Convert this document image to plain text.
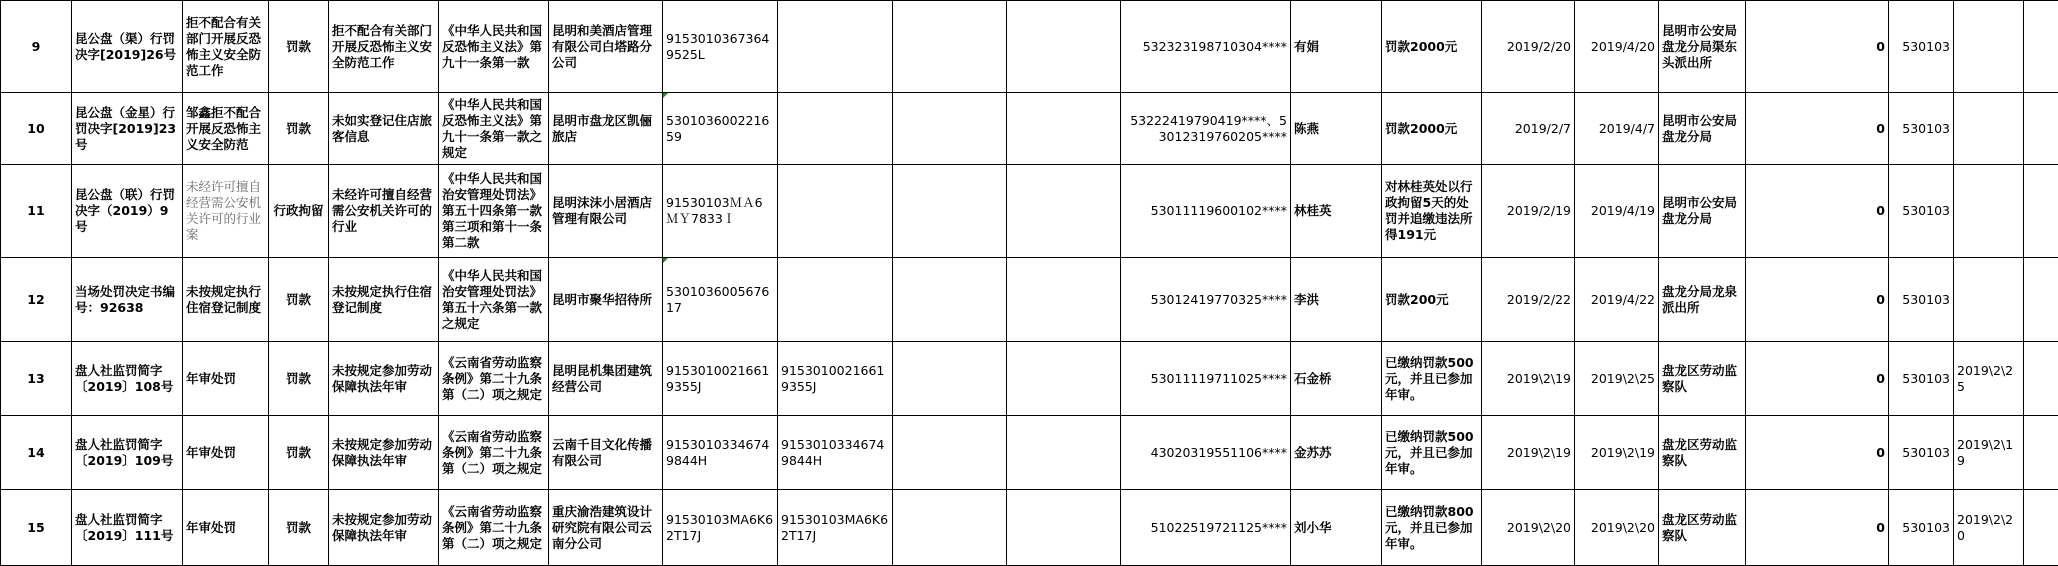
9	昆公盘（渠）行罚决字[2019]26号	拒不配合有关部门开展反恐怖主义安全防范工作	罚款	拒不配合有关部门开展反恐怖主义安全防范工作	《中华人民共和国反恐怖主义法》第九十一条第一款	昆明和美酒店管理有限公司白塔路分公司	91530103673649525L				532323198710304****	有娟	罚款2000元	2019/2/20	2019/4/20	昆明市公安局盘龙分局渠东头派出所	0	530103		
10	昆公盘（金星）行罚决字[2019]23号	邹鑫拒不配合开展反恐怖主义安全防范	罚款	未如实登记住店旅客信息	《中华人民共和国反恐怖主义法》第九十一条第一款之规定	昆明市盘龙区凯俪旅店	530103600221659				53222419790419****、53012319760205****	陈燕	罚款2000元	2019/2/7	2019/4/7	昆明市公安局盘龙分局	0	530103		
11	昆公盘（联）行罚决字（2019）9号	未经许可擅自经营需公安机关许可的行业案	行政拘留	未经许可擅自经营需公安机关许可的行业	《中华人民共和国治安管理处罚法》第五十四条第一款第三项和第十一条第二款	昆明沫沫小居酒店管理有限公司	91530103ＭＡ6ＭＹ7833Ｉ				53011119600102****	林桂英	对林桂英处以行政拘留5天的处罚并追缴违法所得191元	2019/2/19	2019/4/19	昆明市公安局盘龙分局	0	530103		
12	当场处罚决定书编号：92638	未按规定执行住宿登记制度	罚款	未按规定执行住宿登记制度	《中华人民共和国治安管理处罚法》第五十六条第一款之规定	昆明市聚华招待所	530103600567617				53012419770325****	李洪	罚款200元	2019/2/22	2019/4/22	盘龙分局龙泉派出所	0	530103		
13	盘人社监罚简字〔2019〕108号	年审处罚	罚款	未按规定参加劳动保障执法年审	《云南省劳动监察条例》第二十九条第（二）项之规定	昆明昆机集团建筑经营公司	91530100216619355J	91530100216619355J			53011119711025****	石金桥	已缴纳罚款500元，并且已参加年审。	2019\2\19	2019\2\25	盘龙区劳动监察队	0	530103	2019\2\25	
14	盘人社监罚简字〔2019〕109号	年审处罚	罚款	未按规定参加劳动保障执法年审	《云南省劳动监察条例》第二十九条第（二）项之规定	云南千目文化传播有限公司	91530103346749844H	91530103346749844H			43020319551106****	金苏苏	已缴纳罚款500元，并且已参加年审。	2019\2\19	2019\2\19	盘龙区劳动监察队	0	530103	2019\2\19	
15	盘人社监罚简字〔2019〕111号	年审处罚	罚款	未按规定参加劳动保障执法年审	《云南省劳动监察条例》第二十九条第（二）项之规定	重庆渝浩建筑设计研究院有限公司云南分公司	91530103MA6K62T17J	91530103MA6K62T17J			51022519721125****	刘小华	已缴纳罚款800元，并且已参加年审。	2019\2\20	2019\2\20	盘龙区劳动监察队	0	530103	2019\2\20	
